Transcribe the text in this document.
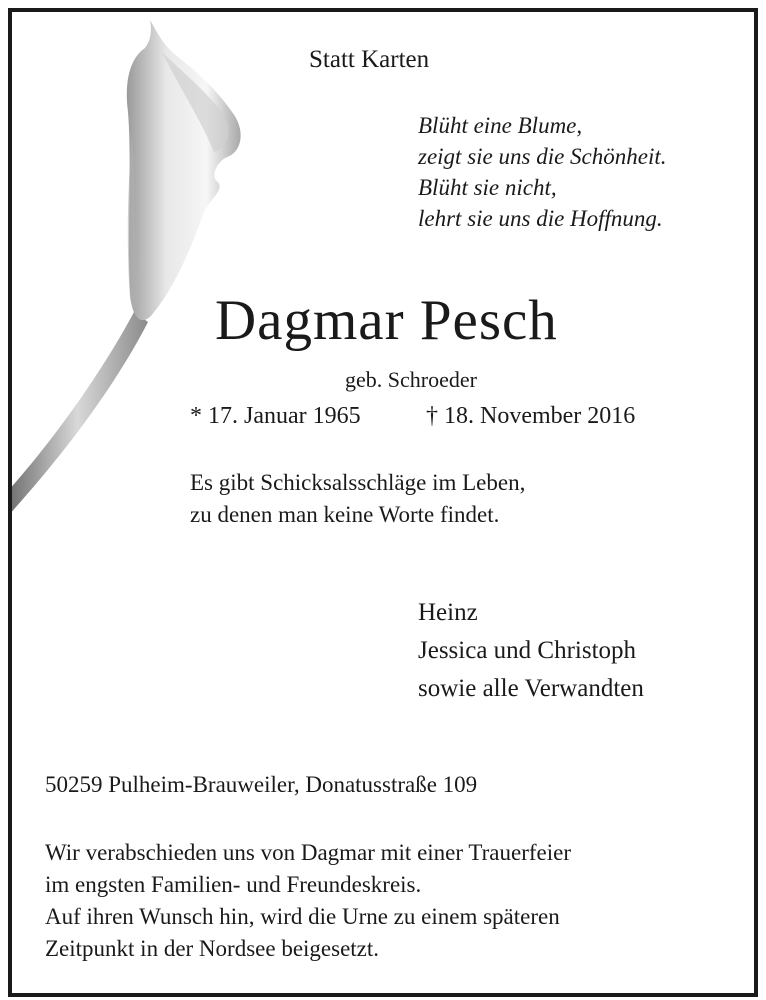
Statt Karten
Blüht eine Blume,
zeigt sie uns die Schönheit.
Blüht sie nicht,
lehrt sie uns die Hoffnung.
Dagmar Pesch
geb. Schroeder
* 17. Januar 1965	† 18. November 2016
Es gibt Schicksalsschläge im Leben,
zu denen man keine Worte findet.
Heinz
Jessica und Christoph
sowie alle Verwandten
50259 Pulheim-Brauweiler, Donatusstraße 109
Wir verabschieden uns von Dagmar mit einer Trauerfeier
im engsten Familien- und Freundeskreis.
Auf ihren Wunsch hin, wird die Urne zu einem späteren
Zeitpunkt in der Nordsee beigesetzt.
